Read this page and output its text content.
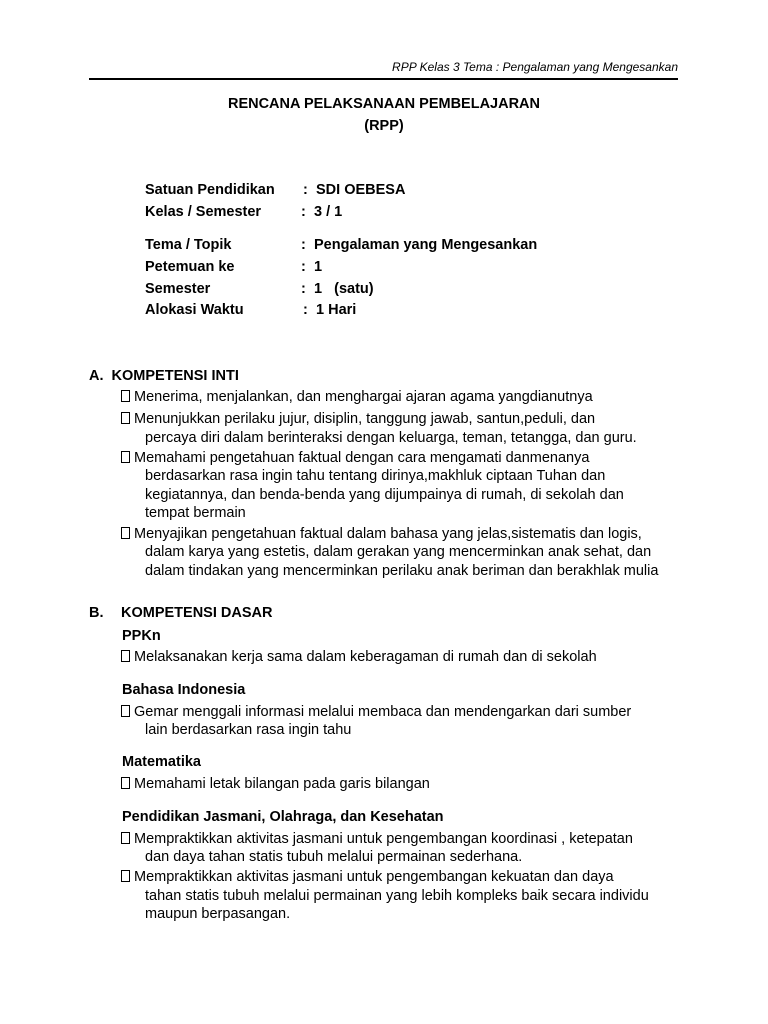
RPP Kelas 3 Tema : Pengalaman yang Mengesankan
RENCANA PELAKSANAAN PEMBELAJARAN
(RPP)
Satuan Pendidikan : SDI OEBESA
Kelas / Semester	: 3 / 1
Tema / Topik	: Pengalaman yang Mengesankan
Petemuan ke	: 1
Semester	: 1   (satu)
Alokasi Waktu	: 1 Hari
A.  KOMPETENSI INTI
Menerima, menjalankan, dan menghargai ajaran agama yangdianutnya
Menunjukkan perilaku jujur, disiplin, tanggung jawab, santun,peduli, dan
percaya diri dalam berinteraksi dengan keluarga, teman, tetangga, dan guru.
Memahami pengetahuan faktual dengan cara mengamati danmenanya
berdasarkan rasa ingin tahu tentang dirinya,makhluk ciptaan Tuhan dan
kegiatannya, dan benda-benda yang dijumpainya di rumah, di sekolah dan
tempat bermain
Menyajikan pengetahuan faktual dalam bahasa yang jelas,sistematis dan logis,
dalam karya yang estetis, dalam gerakan yang mencerminkan anak sehat, dan
dalam tindakan yang mencerminkan perilaku anak beriman dan berakhlak mulia
B. KOMPETENSI DASAR
PPKn
Melaksanakan kerja sama dalam keberagaman di rumah dan di sekolah
Bahasa Indonesia
Gemar menggali informasi melalui membaca dan mendengarkan dari sumber
lain berdasarkan rasa ingin tahu
Matematika
Memahami letak bilangan pada garis bilangan
Pendidikan Jasmani, Olahraga, dan Kesehatan
Mempraktikkan aktivitas jasmani untuk pengembangan koordinasi , ketepatan
dan daya tahan statis tubuh melalui permainan sederhana.
Mempraktikkan aktivitas jasmani untuk pengembangan kekuatan dan daya
tahan statis tubuh melalui permainan yang lebih kompleks baik secara individu
maupun berpasangan.
